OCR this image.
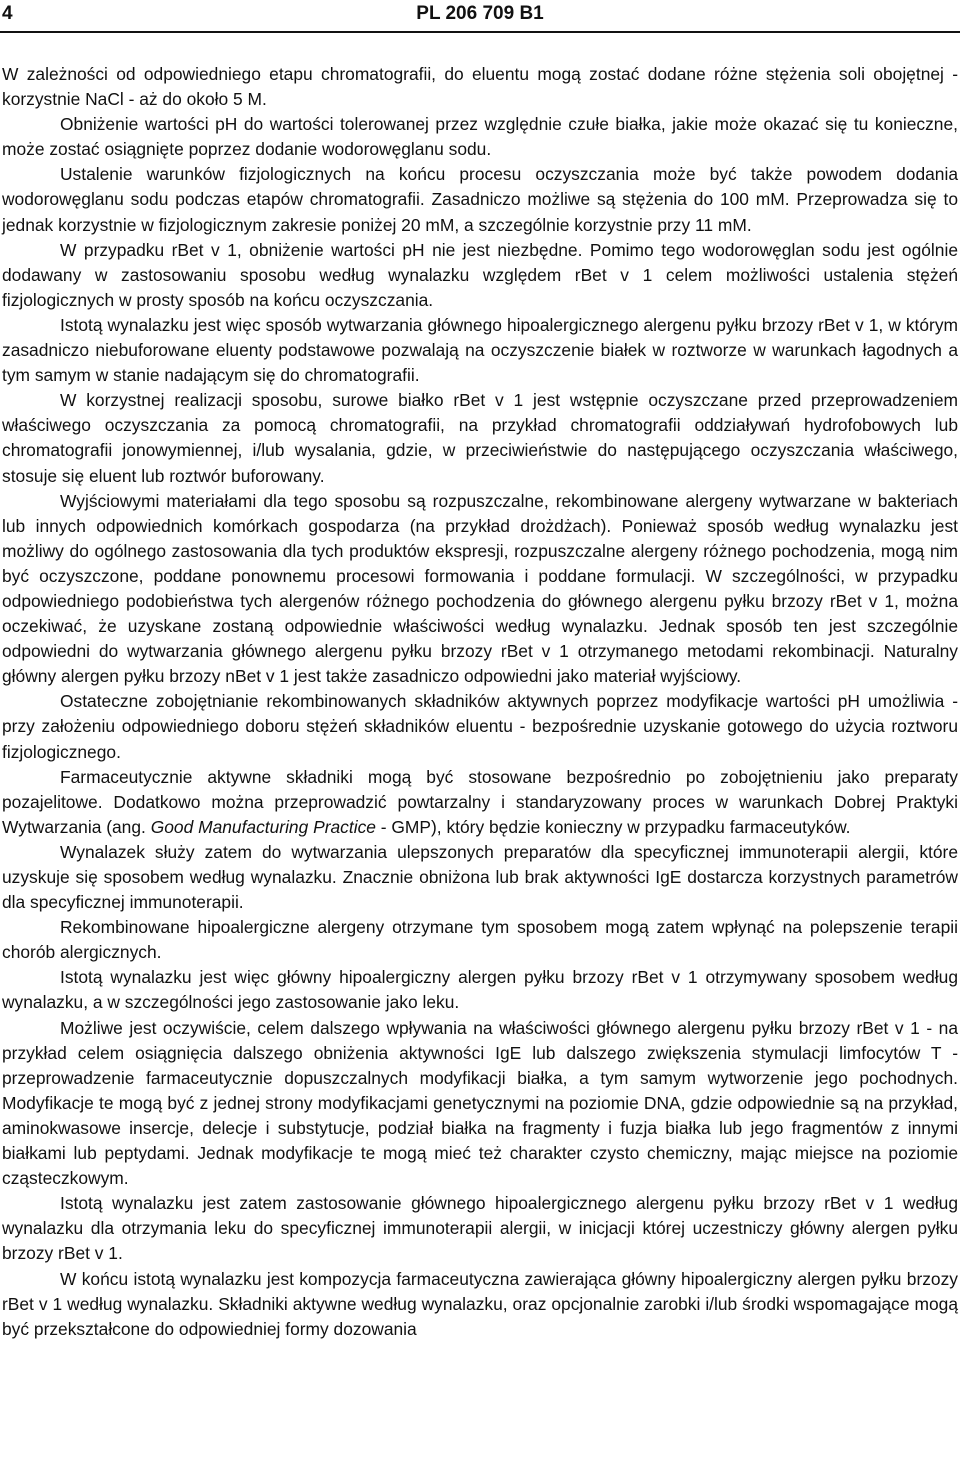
4	PL 206 709 B1

W zależności od odpowiedniego etapu chromatografii, do eluentu mogą zostać dodane różne stężenia soli obojętnej - korzystnie NaCl - aż do około 5 M.

Obniżenie wartości pH do wartości tolerowanej przez względnie czułe białka, jakie może okazać się tu konieczne, może zostać osiągnięte poprzez dodanie wodorowęglanu sodu.

Ustalenie warunków fizjologicznych na końcu procesu oczyszczania może być także powodem dodania wodorowęglanu sodu podczas etapów chromatografii. Zasadniczo możliwe są stężenia do 100 mM. Przeprowadza się to jednak korzystnie w fizjologicznym zakresie poniżej 20 mM, a szczególnie korzystnie przy 11 mM.

W przypadku rBet v 1, obniżenie wartości pH nie jest niezbędne. Pomimo tego wodorowęglan sodu jest ogólnie dodawany w zastosowaniu sposobu według wynalazku względem rBet v 1 celem możliwości ustalenia stężeń fizjologicznych w prosty sposób na końcu oczyszczania.

Istotą wynalazku jest więc sposób wytwarzania głównego hipoalergicznego alergenu pyłku brzozy rBet v 1, w którym zasadniczo niebuforowane eluenty podstawowe pozwalają na oczyszczenie białek w roztworze w warunkach łagodnych a tym samym w stanie nadającym się do chromatografii.

W korzystnej realizacji sposobu, surowe białko rBet v 1 jest wstępnie oczyszczane przed przeprowadzeniem właściwego oczyszczania za pomocą chromatografii, na przykład chromatografii oddziaływań hydrofobowych lub chromatografii jonowymiennej, i/lub wysalania, gdzie, w przeciwieństwie do następującego oczyszczania właściwego, stosuje się eluent lub roztwór buforowany.

Wyjściowymi materiałami dla tego sposobu są rozpuszczalne, rekombinowane alergeny wytwarzane w bakteriach lub innych odpowiednich komórkach gospodarza (na przykład drożdżach). Ponieważ sposób według wynalazku jest możliwy do ogólnego zastosowania dla tych produktów ekspresji, rozpuszczalne alergeny różnego pochodzenia, mogą nim być oczyszczone, poddane ponownemu procesowi formowania i poddane formulacji. W szczególności, w przypadku odpowiedniego podobieństwa tych alergenów różnego pochodzenia do głównego alergenu pyłku brzozy rBet v 1, można oczekiwać, że uzyskane zostaną odpowiednie właściwości według wynalazku. Jednak sposób ten jest szczególnie odpowiedni do wytwarzania głównego alergenu pyłku brzozy rBet v 1 otrzymanego metodami rekombinacji. Naturalny główny alergen pyłku brzozy nBet v 1 jest także zasadniczo odpowiedni jako materiał wyjściowy.

Ostateczne zobojętnianie rekombinowanych składników aktywnych poprzez modyfikacje wartości pH umożliwia - przy założeniu odpowiedniego doboru stężeń składników eluentu - bezpośrednie uzyskanie gotowego do użycia roztworu fizjologicznego.

Farmaceutycznie aktywne składniki mogą być stosowane bezpośrednio po zobojętnieniu jako preparaty pozajelitowe. Dodatkowo można przeprowadzić powtarzalny i standaryzowany proces w warunkach Dobrej Praktyki Wytwarzania (ang. Good Manufacturing Practice - GMP), który będzie konieczny w przypadku farmaceutyków.

Wynalazek służy zatem do wytwarzania ulepszonych preparatów dla specyficznej immunoterapii alergii, które uzyskuje się sposobem według wynalazku. Znacznie obniżona lub brak aktywności IgE dostarcza korzystnych parametrów dla specyficznej immunoterapii.

Rekombinowane hipoalergiczne alergeny otrzymane tym sposobem mogą zatem wpłynąć na polepszenie terapii chorób alergicznych.

Istotą wynalazku jest więc główny hipoalergiczny alergen pyłku brzozy rBet v 1 otrzymywany sposobem według wynalazku, a w szczególności jego zastosowanie jako leku.

Możliwe jest oczywiście, celem dalszego wpływania na właściwości głównego alergenu pyłku brzozy rBet v 1 - na przykład celem osiągnięcia dalszego obniżenia aktywności IgE lub dalszego zwiększenia stymulacji limfocytów T - przeprowadzenie farmaceutycznie dopuszczalnych modyfikacji białka, a tym samym wytworzenie jego pochodnych. Modyfikacje te mogą być z jednej strony modyfikacjami genetycznymi na poziomie DNA, gdzie odpowiednie są na przykład, aminokwasowe insercje, delecje i substytucje, podział białka na fragmenty i fuzja białka lub jego fragmentów z innymi białkami lub peptydami. Jednak modyfikacje te mogą mieć też charakter czysto chemiczny, mając miejsce na poziomie cząsteczkowym.

Istotą wynalazku jest zatem zastosowanie głównego hipoalergicznego alergenu pyłku brzozy rBet v 1 według wynalazku dla otrzymania leku do specyficznej immunoterapii alergii, w inicjacji której uczestniczy główny alergen pyłku brzozy rBet v 1.

W końcu istotą wynalazku jest kompozycja farmaceutyczna zawierająca główny hipoalergiczny alergen pyłku brzozy rBet v 1 według wynalazku. Składniki aktywne według wynalazku, oraz opcjonalnie zarobki i/lub środki wspomagające mogą być przekształcone do odpowiedniej formy dozowania
